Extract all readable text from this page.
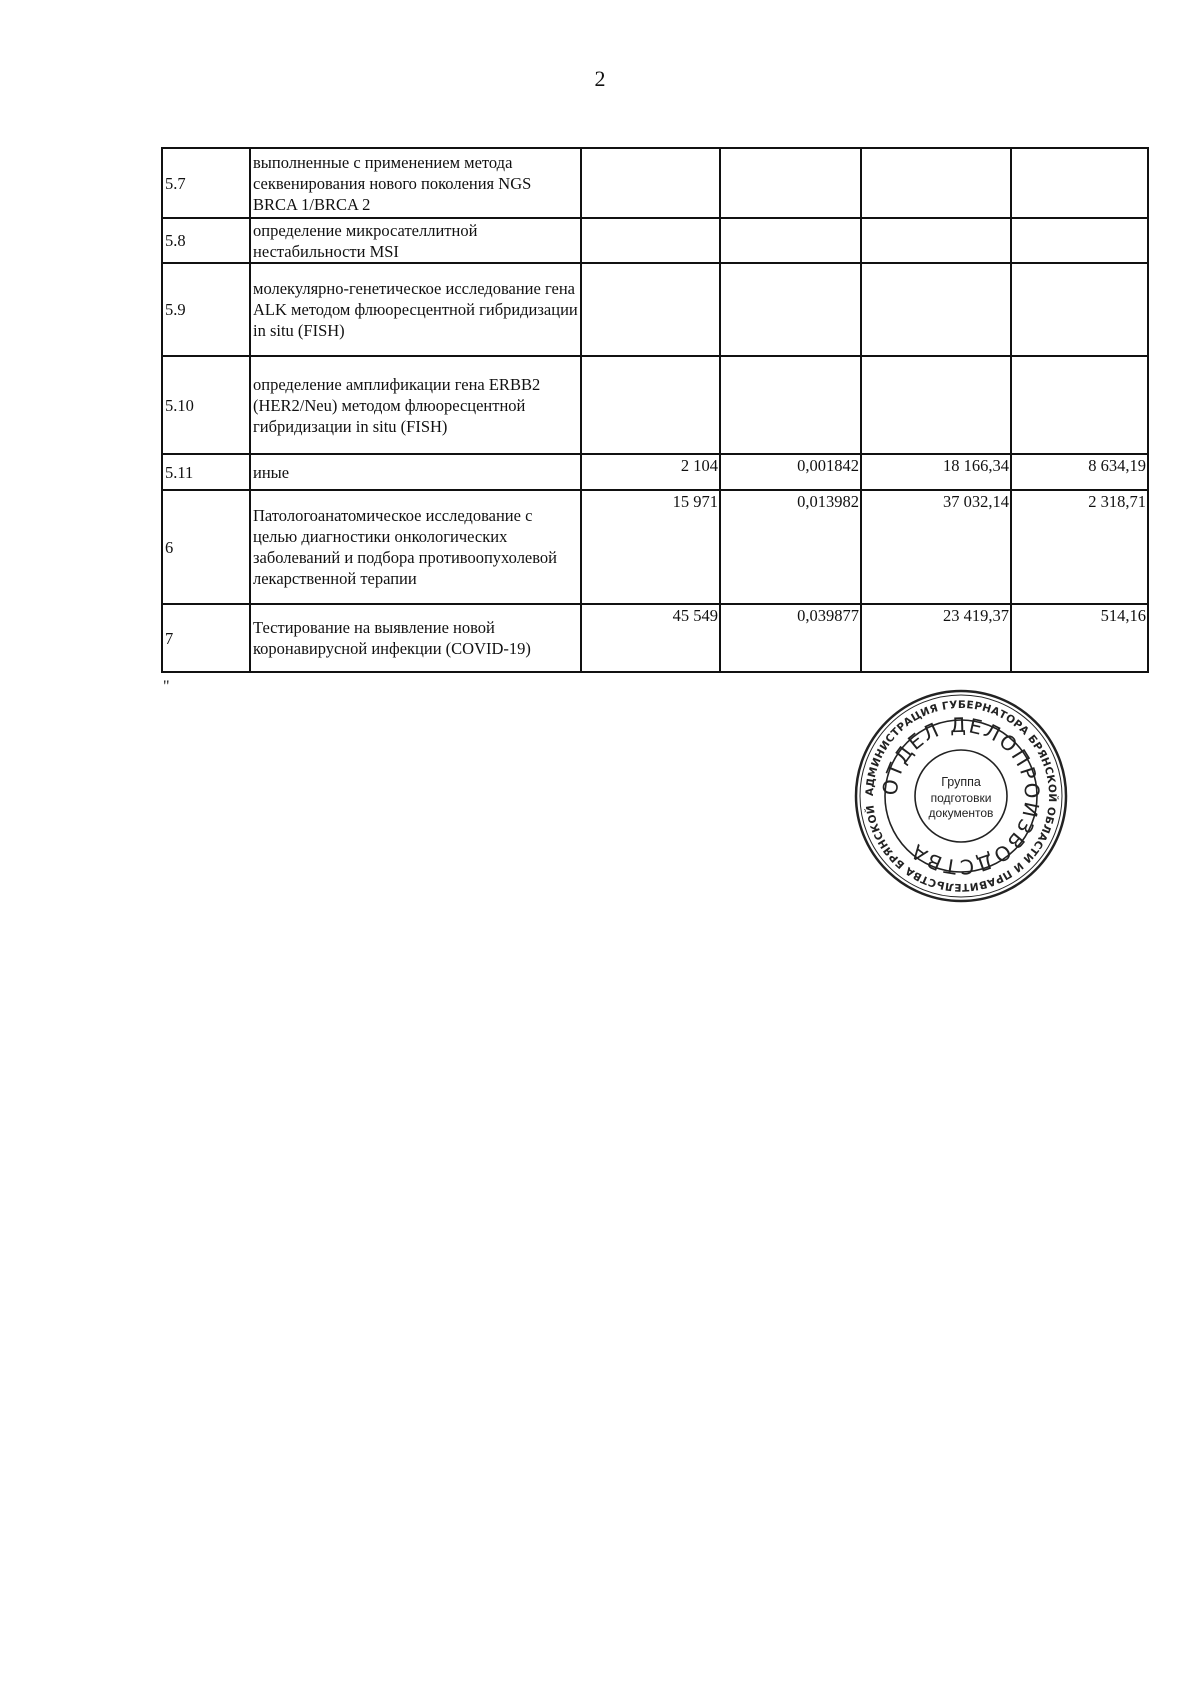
2
5.7	выполненные с применением метода секвенирования нового поколения NGS BRCA 1/BRCA 2				
5.8	определение микросателлитной нестабильности MSI				
5.9	молекулярно-генетическое исследование гена ALK методом флюоресцентной гибридизации in situ (FISH)				
5.10	определение амплификации гена ERBB2 (HER2/Neu) методом флюоресцентной гибридизации in situ (FISH)				
5.11	иные	2 104	0,001842	18 166,34	8 634,19
6	Патологоанатомическое исследование с целью диагностики онкологических заболеваний и подбора противоопухолевой лекарственной терапии	15 971	0,013982	37 032,14	2 318,71
7	Тестирование на выявление новой коронавирусной инфекции (COVID-19)	45 549	0,039877	23 419,37	514,16
"
АДМИНИСТРАЦИЯ ГУБЕРНАТОРА БРЯНСКОЙ ОБЛАСТИ И ПРАВИТЕЛЬСТВА БРЯНСКОЙ
ОТДЕЛ ДЕЛОПРОИЗВОДСТВА
Группа
подготовки
документов
